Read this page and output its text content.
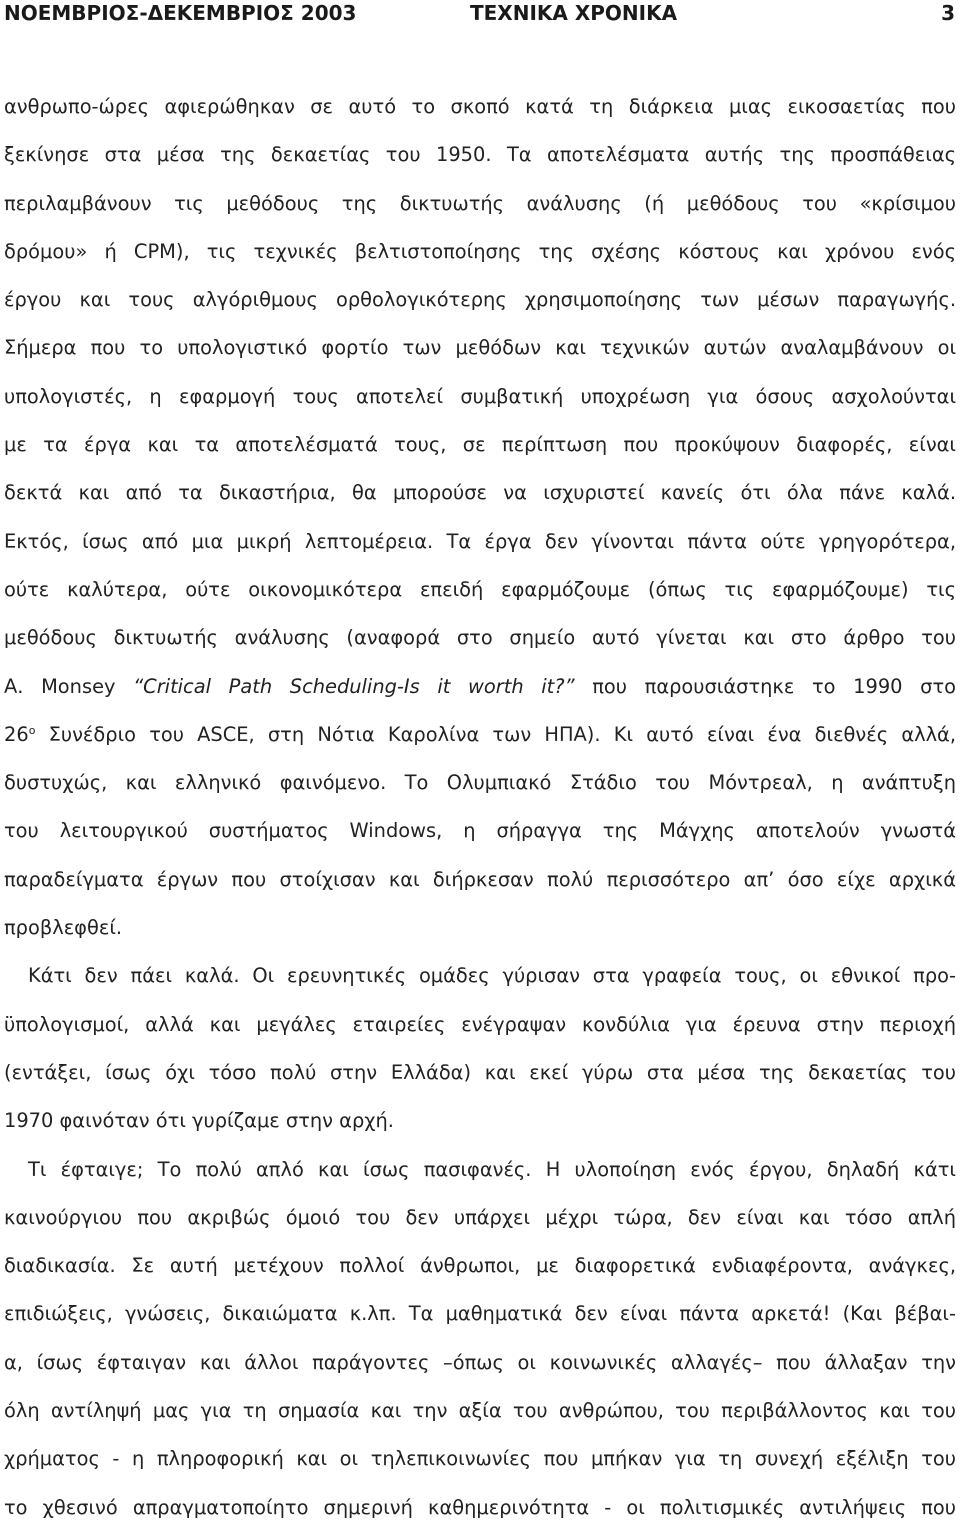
ΝΟΕΜΒΡΙΟΣ-ΔΕΚΕΜΒΡΙΟΣ 2003	ΤΕΧΝΙΚΑ ΧΡΟΝΙΚΑ	3
ανθρωπο-ώρες αφιερώθηκαν σε αυτό το σκοπό κατά τη διάρκεια μιας εικοσαετίας που
ξεκίνησε στα μέσα της δεκαετίας του 1950. Τα αποτελέσματα αυτής της προσπάθειας
περιλαμβάνουν τις μεθόδους της δικτυωτής ανάλυσης (ή μεθόδους του «κρίσιμου
δρόμου» ή CPM), τις τεχνικές βελτιστοποίησης της σχέσης κόστους και χρόνου ενός
έργου και τους αλγόριθμους ορθολογικότερης χρησιμοποίησης των μέσων παραγωγής.
Σήμερα που το υπολογιστικό φορτίο των μεθόδων και τεχνικών αυτών αναλαμβάνουν οι
υπολογιστές, η εφαρμογή τους αποτελεί συμβατική υποχρέωση για όσους ασχολούνται
με τα έργα και τα αποτελέσματά τους, σε περίπτωση που προκύψουν διαφορές, είναι
δεκτά και από τα δικαστήρια, θα μπορούσε να ισχυριστεί κανείς ότι όλα πάνε καλά.
Εκτός, ίσως από μια μικρή λεπτομέρεια. Τα έργα δεν γίνονται πάντα ούτε γρηγορότερα,
ούτε καλύτερα, ούτε οικονομικότερα επειδή εφαρμόζουμε (όπως τις εφαρμόζουμε) τις
μεθόδους δικτυωτής ανάλυσης (αναφορά στο σημείο αυτό γίνεται και στο άρθρο του
Α. Monsey “Critical Path Scheduling-Is it worth it?” που παρουσιάστηκε το 1990 στο
$26^o$ Συνέδριο του ASCE, στη Νότια Καρολίνα των ΗΠΑ). Κι αυτό είναι ένα διεθνές αλλά,
δυστυχώς, και ελληνικό φαινόμενο. Το Ολυμπιακό Στάδιο του Μόντρεαλ, η ανάπτυξη
του λειτουργικού συστήματος Windows, η σήραγγα της Μάγχης αποτελούν γνωστά
παραδείγματα έργων που στοίχισαν και διήρκεσαν πολύ περισσότερο απ’ όσο είχε αρχικά
προβλεφθεί.
Κάτι δεν πάει καλά. Οι ερευνητικές ομάδες γύρισαν στα γραφεία τους, οι εθνικοί προ-
ϋπολογισμοί, αλλά και μεγάλες εταιρείες ενέγραψαν κονδύλια για έρευνα στην περιοχή
(εντάξει, ίσως όχι τόσο πολύ στην Ελλάδα) και εκεί γύρω στα μέσα της δεκαετίας του
1970 φαινόταν ότι γυρίζαμε στην αρχή.
Τι έφταιγε; Το πολύ απλό και ίσως πασιφανές. Η υλοποίηση ενός έργου, δηλαδή κάτι
καινούργιου που ακριβώς όμοιό του δεν υπάρχει μέχρι τώρα, δεν είναι και τόσο απλή
διαδικασία. Σε αυτή μετέχουν πολλοί άνθρωποι, με διαφορετικά ενδιαφέροντα, ανάγκες,
επιδιώξεις, γνώσεις, δικαιώματα κ.λπ. Τα μαθηματικά δεν είναι πάντα αρκετά! (Και βέβαι-
α, ίσως έφταιγαν και άλλοι παράγοντες –όπως οι κοινωνικές αλλαγές– που άλλαξαν την
όλη αντίληψή μας για τη σημασία και την αξία του ανθρώπου, του περιβάλλοντος και του
χρήματος - η πληροφορική και οι τηλεπικοινωνίες που μπήκαν για τη συνεχή εξέλιξη του
το χθεσινό απραγματοποίητο σημερινή καθημερινότητα - οι πολιτισμικές αντιλήψεις που
